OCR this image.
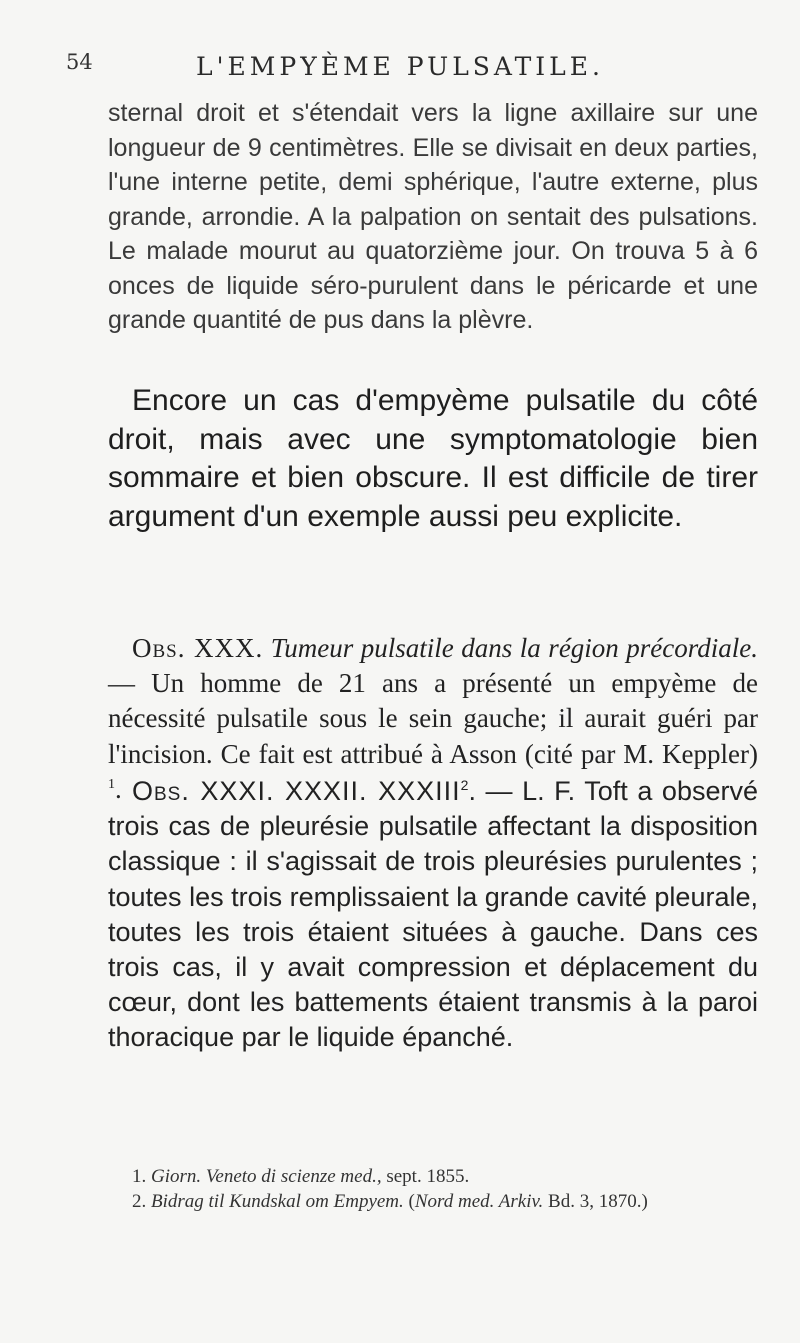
54	L'EMPYÈME PULSATILE.

sternal droit et s'étendait vers la ligne axillaire sur une longueur de 9 centimètres. Elle se divisait en deux parties, l'une interne petite, demi sphérique, l'autre externe, plus grande, arrondie. A la palpation on sentait des pulsations. Le malade mourut au quatorzième jour. On trouva 5 à 6 onces de liquide séro-purulent dans le péricarde et une grande quantité de pus dans la plèvre.

Encore un cas d'empyème pulsatile du côté droit, mais avec une symptomatologie bien sommaire et bien obscure. Il est difficile de tirer argument d'un exemple aussi peu explicite.

Obs. XXX. Tumeur pulsatile dans la région précordiale. — Un homme de 21 ans a présenté un empyème de nécessité pulsatile sous le sein gauche; il aurait guéri par l'incision. Ce fait est attribué à Asson (cité par M. Keppler) $^1$. Obs. XXXI. XXXII. XXXIII$^2$. — L. F. Toft a observé trois cas de pleurésie pulsatile affectant la disposition classique : il s'agissait de trois pleurésies purulentes ; toutes les trois remplissaient la grande cavité pleurale, toutes les trois étaient situées à gauche. Dans ces trois cas, il y avait compression et déplacement du cœur, dont les battements étaient transmis à la paroi thoracique par le liquide épanché.

1. Giorn. Veneto di scienze med., sept. 1855.
2. Bidrag til Kundskal om Empyem. (Nord med. Arkiv. Bd. 3, 1870.)
